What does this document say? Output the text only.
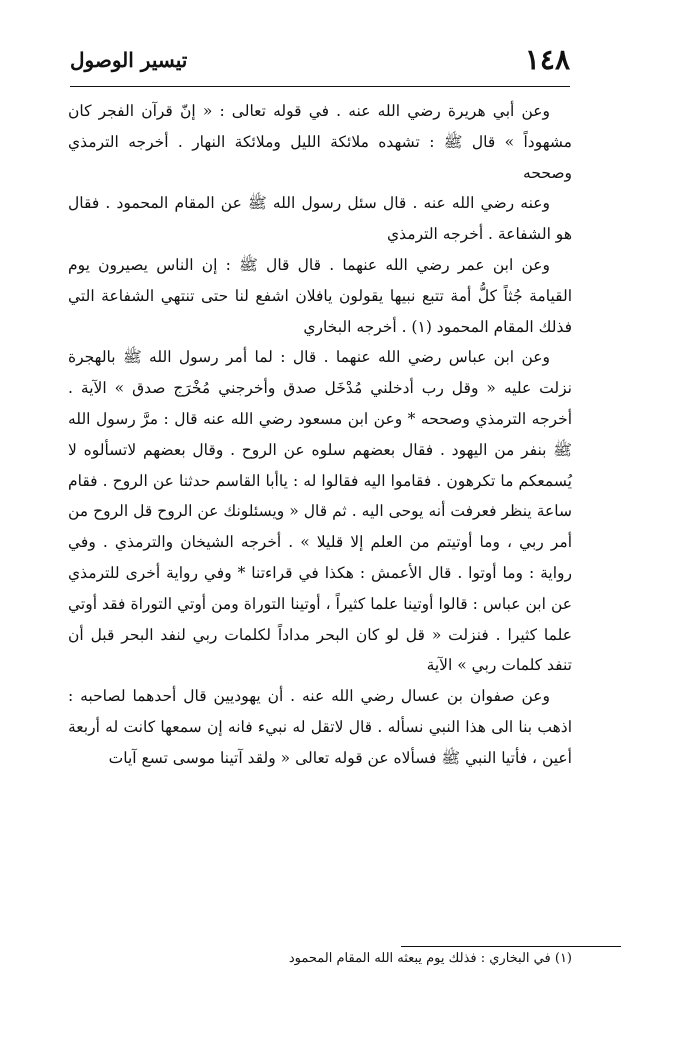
١٤٨
تيسير الوصول

وعن أبي هريرة رضي الله عنه . في قوله تعالى : « إنّ قرآن الفجر كان مشهوداً » قال ﷺ : تشهده ملائكة الليل وملائكة النهار . أخرجه الترمذي وصححه

وعنه رضي الله عنه . قال سئل رسول الله ﷺ عن المقام المحمود . فقال هو الشفاعة . أخرجه الترمذي

وعن ابن عمر رضي الله عنهما . قال قال ﷺ : إن الناس يصيرون يوم القيامة جُثاً كلُّ أمة تتبع نبيها يقولون يافلان اشفع لنا حتى تنتهي الشفاعة التي فذلك المقام المحمود (١) . أخرجه البخاري

وعن ابن عباس رضي الله عنهما . قال : لما أمر رسول الله ﷺ بالهجرة نزلت عليه « وقل رب أدخلني مُدْخَل صدق وأخرجني مُخْرَج صدق » الآية . أخرجه الترمذي وصححه * وعن ابن مسعود رضي الله عنه قال : مرَّ رسول الله ﷺ بنفر من اليهود . فقال بعضهم سلوه عن الروح . وقال بعضهم لاتسألوه لا يُسمعكم ما تكرهون . فقاموا اليه فقالوا له : ياأبا القاسم حدثنا عن الروح . فقام ساعة ينظر فعرفت أنه يوحى اليه . ثم قال « ويسئلونك عن الروح قل الروح من أمر ربي ، وما أوتيتم من العلم إلا قليلا » . أخرجه الشيخان والترمذي . وفي رواية : وما أوتوا . قال الأعمش : هكذا في قراءتنا * وفي رواية أخرى للترمذي عن ابن عباس : قالوا أوتينا علما كثيراً ، أوتينا التوراة ومن أوتي التوراة فقد أوتي علما كثيرا . فنزلت « قل لو كان البحر مداداً لكلمات ربي لنفد البحر قبل أن تنفد كلمات ربي » الآية

وعن صفوان بن عسال رضي الله عنه . أن يهوديين قال أحدهما لصاحبه : اذهب بنا الى هذا النبي نسأله . قال لاتقل له نبيء فانه إن سمعها كانت له أربعة أعين ، فأتيا النبي ﷺ فسألاه عن قوله تعالى « ولقد آتينا موسى تسع آيات

(١) في البخاري : فذلك يوم يبعثه الله المقام المحمود
